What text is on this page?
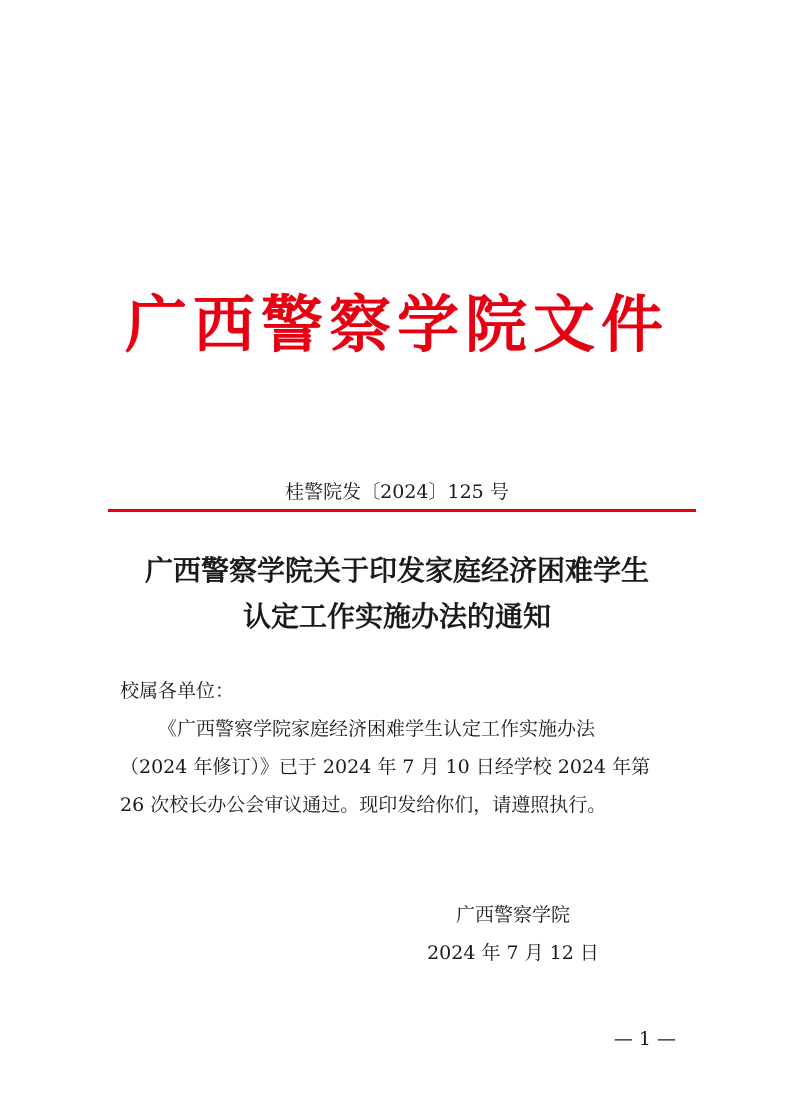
广西警察学院文件
桂警院发〔2024〕125 号
广西警察学院关于印发家庭经济困难学生
认定工作实施办法的通知
校属各单位：
《广西警察学院家庭经济困难学生认定工作实施办法
（2024 年修订）》已于 2024 年 7 月 10 日经学校 2024 年第
26 次校长办公会审议通过。现印发给你们，请遵照执行。
广西警察学院
2024 年 7 月 12 日
— 1 —
